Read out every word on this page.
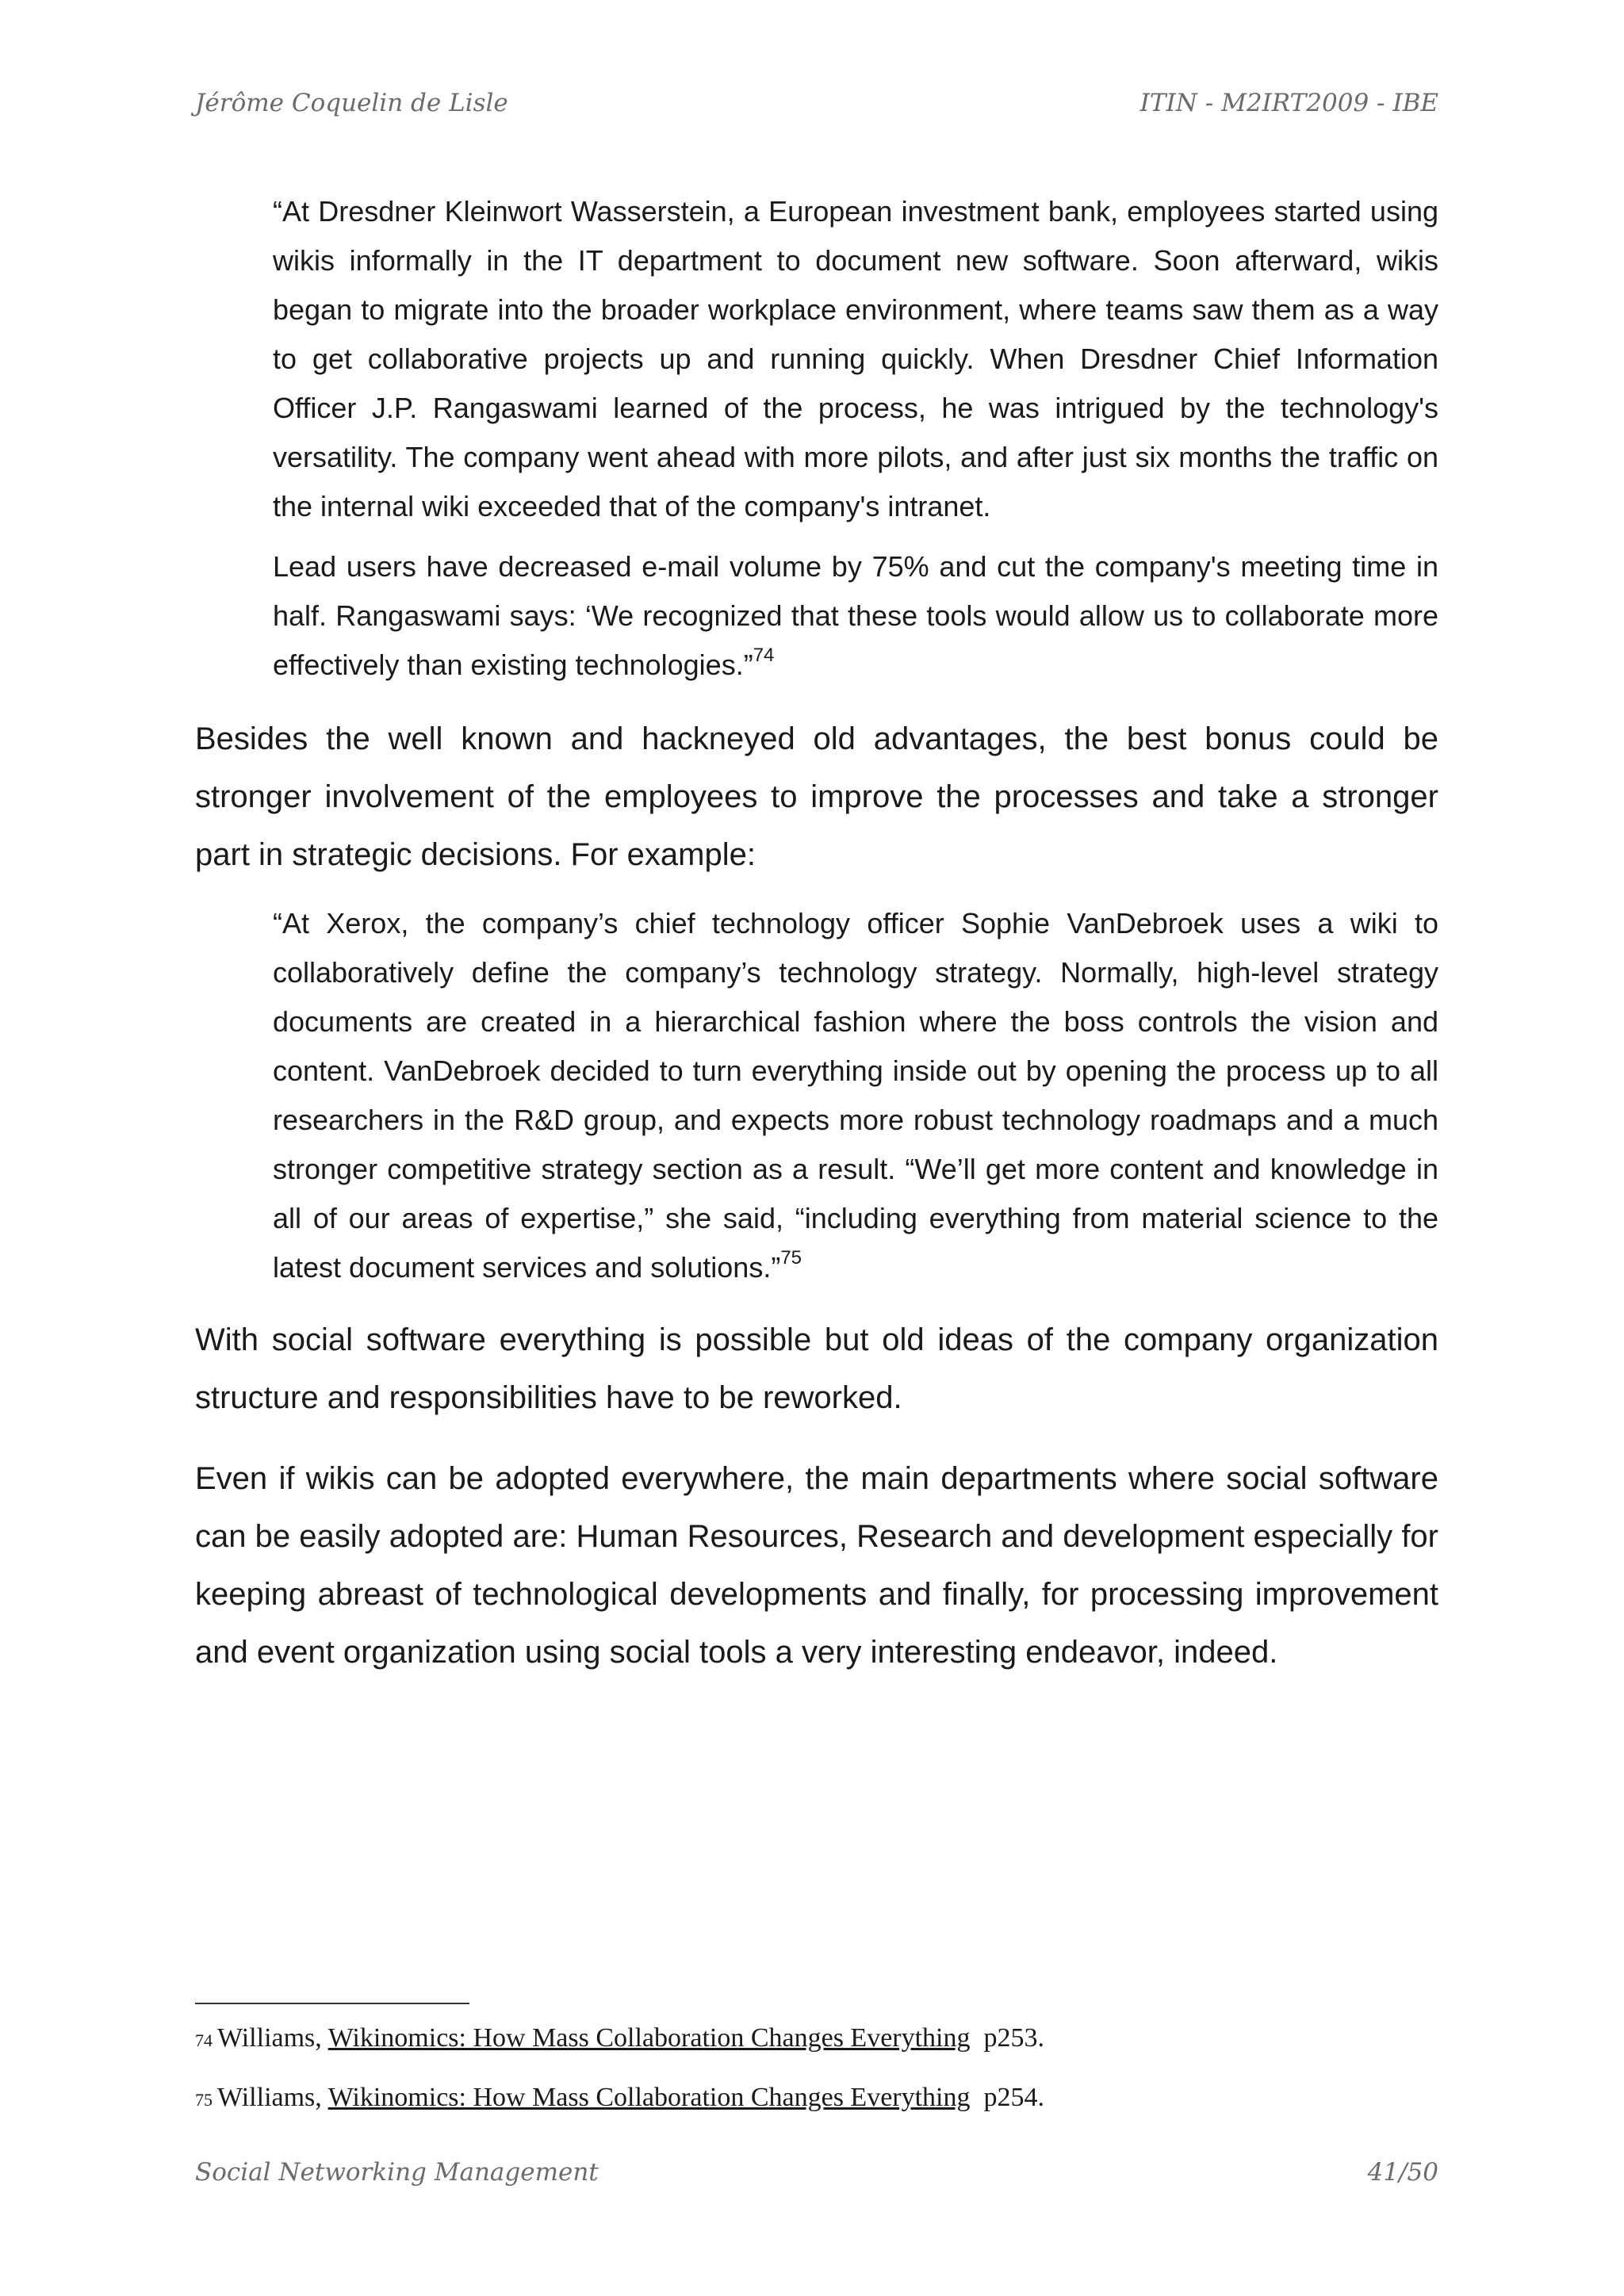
Jérôme Coquelin de Lisle	ITIN - M2IRT2009 - IBE

“At Dresdner Kleinwort Wasserstein, a European investment bank, employees started using wikis informally in the IT department to document new software. Soon afterward, wikis began to migrate into the broader workplace environment, where teams saw them as a way to get collaborative projects up and running quickly. When Dresdner Chief Information Officer J.P. Rangaswami learned of the process, he was intrigued by the technology's versatility. The company went ahead with more pilots, and after just six months the traffic on the internal wiki exceeded that of the company's intranet.

Lead users have decreased e-mail volume by 75% and cut the company's meeting time in half. Rangaswami says: ‘We recognized that these tools would allow us to collaborate more effectively than existing technologies.”$^{74}$

Besides the well known and hackneyed old advantages, the best bonus could be stronger involvement of the employees to improve the processes and take a stronger part in strategic decisions. For example:

“At Xerox, the company’s chief technology officer Sophie VanDebroek uses a wiki to collaboratively define the company’s technology strategy. Normally, high-level strategy documents are created in a hierarchical fashion where the boss controls the vision and content. VanDebroek decided to turn everything inside out by opening the process up to all researchers in the R&D group, and expects more robust technology roadmaps and a much stronger competitive strategy section as a result. “We’ll get more content and knowledge in all of our areas of expertise,” she said, “including everything from material science to the latest document services and solutions.”$^{75}$

With social software everything is possible but old ideas of the company organization structure and responsibilities have to be reworked.

Even if wikis can be adopted everywhere, the main departments where social software can be easily adopted are: Human Resources, Research and development especially for keeping abreast of technological developments and finally, for processing improvement and event organization using social tools a very interesting endeavor, indeed.

74 Williams, Wikinomics: How Mass Collaboration Changes Everything p253.
75 Williams, Wikinomics: How Mass Collaboration Changes Everything p254.
Social Networking Management	41/50
